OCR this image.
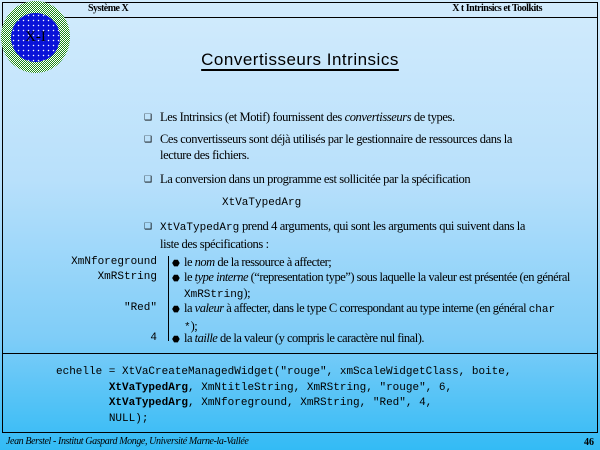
Système X	X t Intrinsics et Toolkits
X-I
Convertisseurs Intrinsics
❑ Les Intrinsics (et Motif) fournissent des convertisseurs de types.
❑ Ces convertisseurs sont déjà utilisés par le gestionnaire de ressources dans la lecture des fichiers.
❑ La conversion dans un programme est sollicitée par la spécification
XtVaTypedArg
❑ XtVaTypedArg prend 4 arguments, qui sont les arguments qui suivent dans la liste des spécifications :
XmNforeground
XmRString
"Red"
4
⬣ le nom de la ressource à affecter;
⬣ le type interne (“representation type”) sous laquelle la valeur est présentée (en général XmRString);
⬣ la valeur à affecter, dans le type C correspondant au type interne (en général char *);
⬣ la taille de la valeur (y compris le caractère nul final).
echelle = XtVaCreateManagedWidget("rouge", xmScaleWidgetClass, boite,
XtVaTypedArg, XmNtitleString, XmRString, "rouge", 6,
XtVaTypedArg, XmNforeground, XmRString, "Red", 4,
NULL);
Jean Berstel - Institut Gaspard Monge, Université Marne-la-Vallée	46
